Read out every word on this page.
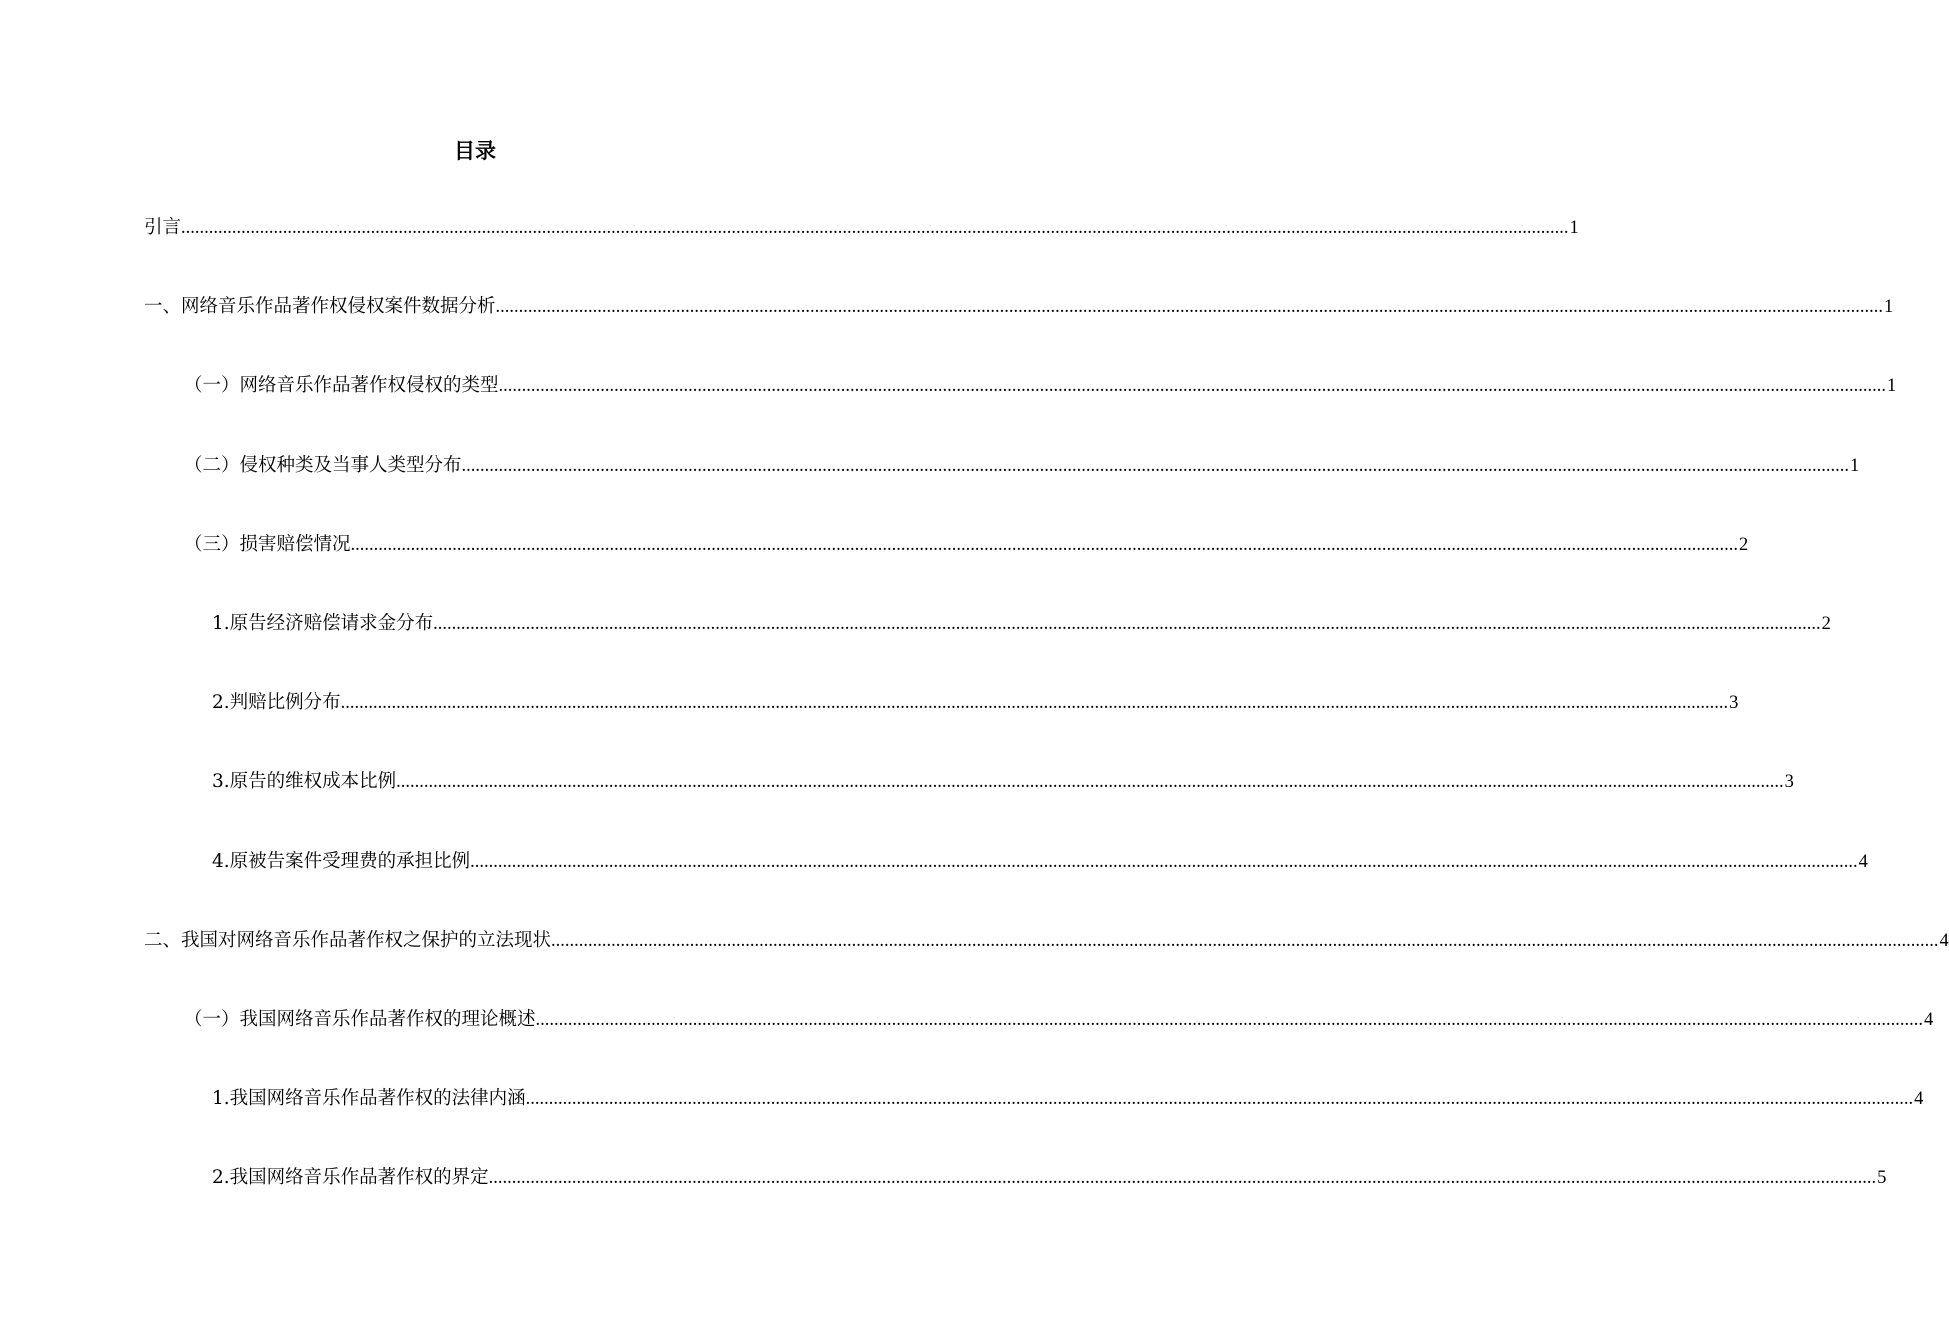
目录
引言 ............................................................................................................................................................................................................................................................................................................ 1
一、网络音乐作品著作权侵权案件数据分析 ............................................................................................................................................................................................................................................................................................................ 1
（一）网络音乐作品著作权侵权的类型 ............................................................................................................................................................................................................................................................................................................ 1
（二）侵权种类及当事人类型分布 ............................................................................................................................................................................................................................................................................................................ 1
（三）损害赔偿情况 ............................................................................................................................................................................................................................................................................................................ 2
1.原告经济赔偿请求金分布 ............................................................................................................................................................................................................................................................................................................ 2
2.判赔比例分布 ............................................................................................................................................................................................................................................................................................................ 3
3.原告的维权成本比例 ............................................................................................................................................................................................................................................................................................................ 3
4.原被告案件受理费的承担比例 ............................................................................................................................................................................................................................................................................................................ 4
二、我国对网络音乐作品著作权之保护的立法现状 ............................................................................................................................................................................................................................................................................................................ 4
（一）我国网络音乐作品著作权的理论概述 ............................................................................................................................................................................................................................................................................................................ 4
1.我国网络音乐作品著作权的法律内涵 ............................................................................................................................................................................................................................................................................................................ 4
2.我国网络音乐作品著作权的界定 ............................................................................................................................................................................................................................................................................................................ 5
